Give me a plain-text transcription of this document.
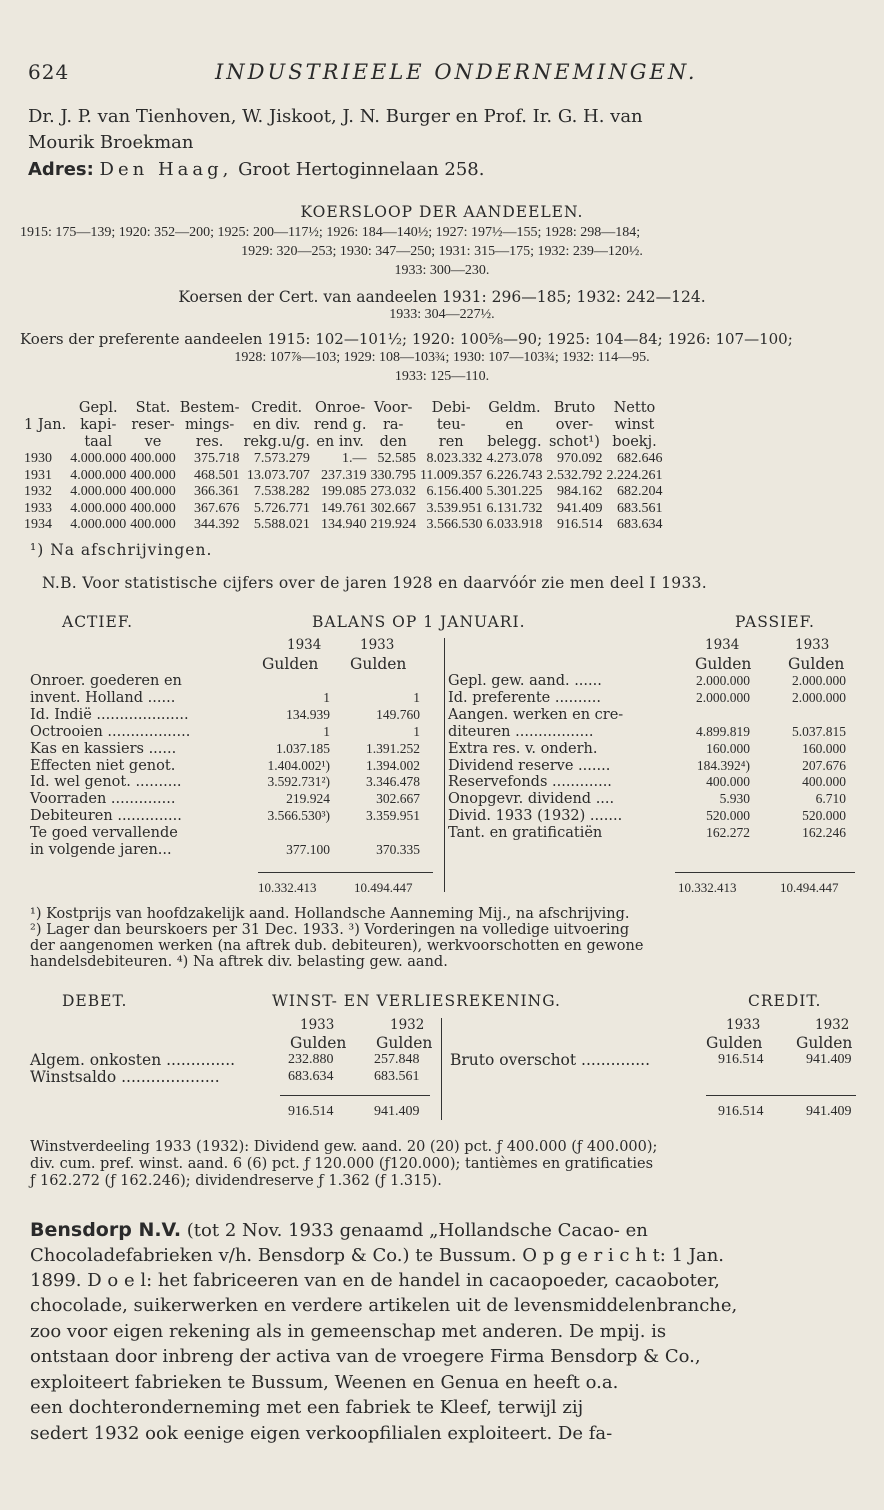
624	INDUSTRIEELE ONDERNEMINGEN.
Dr. J. P. van Tienhoven, W. Jiskoot, J. N. Burger en Prof. Ir. G. H. van
Mourik Broekman
Adres: Den Haag, Groot Hertoginnelaan 258.
KOERSLOOP DER AANDEELEN.
1915: 175—139; 1920: 352—200; 1925: 200—117½; 1926: 184—140½; 1927: 197½—155; 1928: 298—184;
1929: 320—253; 1930: 347—250; 1931: 315—175; 1932: 239—120½.
1933: 300—230.
Koersen der Cert. van aandeelen 1931: 296—185; 1932: 242—124.
1933: 304—227½.
Koers der preferente aandeelen 1915: 102—101½; 1920: 100⅝—90; 1925: 104—84; 1926: 107—100;
1928: 107⅞—103; 1929: 108—103¾; 1930: 107—103¾; 1932: 114—95.
1933: 125—110.
	Gepl.	Stat.	Bestem-	Credit.	Onroe-	Voor-	Debi-	Geldm.	Bruto	Netto
1 Jan.	kapi-	reser-	mings-	en div.	rend g.	ra-	teu-	en	over-	winst
	taal	ve	res.	rekg.u/g.	en inv.	den	ren	belegg.	schot¹)	boekj.
1930	4.000.000	400.000	375.718	7.573.279	1.—	52.585	8.023.332	4.273.078	970.092	682.646
1931	4.000.000	400.000	468.501	13.073.707	237.319	330.795	11.009.357	6.226.743	2.532.792	2.224.261
1932	4.000.000	400.000	366.361	7.538.282	199.085	273.032	6.156.400	5.301.225	984.162	682.204
1933	4.000.000	400.000	367.676	5.726.771	149.761	302.667	3.539.951	6.131.732	941.409	683.561
1934	4.000.000	400.000	344.392	5.588.021	134.940	219.924	3.566.530	6.033.918	916.514	683.634
¹) Na afschrijvingen.
N.B. Voor statistische cijfers over de jaren 1928 en daarvóór zie men deel I 1933.
ACTIEF.	BALANS OP 1 JANUARI.	PASSIEF.
1934	1933
Gulden Gulden
1934	1933
Gulden Gulden
Onroer. goederen en		
invent. Holland ......	1	1
Id. Indië ....................	134.939	149.760
Octrooien ..................	1	1
Kas en kassiers ......	1.037.185	1.391.252
Effecten niet genot.	1.404.002¹)	1.394.002
Id. wel genot. ..........	3.592.731²)	3.346.478
Voorraden ..............	219.924	302.667
Debiteuren ..............	3.566.530³)	3.359.951
Te goed vervallende		
in volgende jaren...	377.100	370.335
Gepl. gew. aand. ......	2.000.000	2.000.000
Id. preferente ..........	2.000.000	2.000.000
Aangen. werken en cre-		
diteuren .................	4.899.819	5.037.815
Extra res. v. onderh.	160.000	160.000
Dividend reserve .......	184.392⁴)	207.676
Reservefonds .............	400.000	400.000
Onopgevr. dividend ....	5.930	6.710
Divid. 1933 (1932) .......	520.000	520.000
Tant. en gratificatiën	162.272	162.246
10.332.413	10.494.447	10.332.413	10.494.447
¹) Kostprijs van hoofdzakelijk aand. Hollandsche Aanneming Mij., na afschrijving.
²) Lager dan beurskoers per 31 Dec. 1933. ³) Vorderingen na volledige uitvoering
der aangenomen werken (na aftrek dub. debiteuren), werkvoorschotten en gewone
handelsdebiteuren. ⁴) Na aftrek div. belasting gew. aand.
DEBET.	WINST- EN VERLIESREKENING.	CREDIT.
1933	1932
Gulden Gulden
1933	1932
Gulden Gulden
Algem. onkosten ..............	232.880	257.848
Winstsaldo ....................	683.634	683.561
Bruto overschot ..............	916.514	941.409
916.514	941.409	916.514	941.409
Winstverdeeling 1933 (1932): Dividend gew. aand. 20 (20) pct. ƒ 400.000 (ƒ 400.000);
div. cum. pref. winst. aand. 6 (6) pct. ƒ 120.000 (ƒ120.000); tantièmes en gratificaties
ƒ 162.272 (ƒ 162.246); dividendreserve ƒ 1.362 (ƒ 1.315).
Bensdorp N.V. (tot 2 Nov. 1933 genaamd „Hollandsche Cacao- en
Chocoladefabrieken v/h. Bensdorp & Co.) te Bussum. O p g e r i c h t: 1 Jan.
1899. D o e l: het fabriceeren van en de handel in cacaopoeder, cacaoboter,
chocolade, suikerwerken en verdere artikelen uit de levensmiddelenbranche,
zoo voor eigen rekening als in gemeenschap met anderen. De mpij. is
ontstaan door inbreng der activa van de vroegere Firma Bensdorp & Co.,
exploiteert fabrieken te Bussum, Weenen en Genua en heeft o.a.
een dochteronderneming met een fabriek te Kleef, terwijl zij
sedert 1932 ook eenige eigen verkoopfilialen exploiteert. De fa-
